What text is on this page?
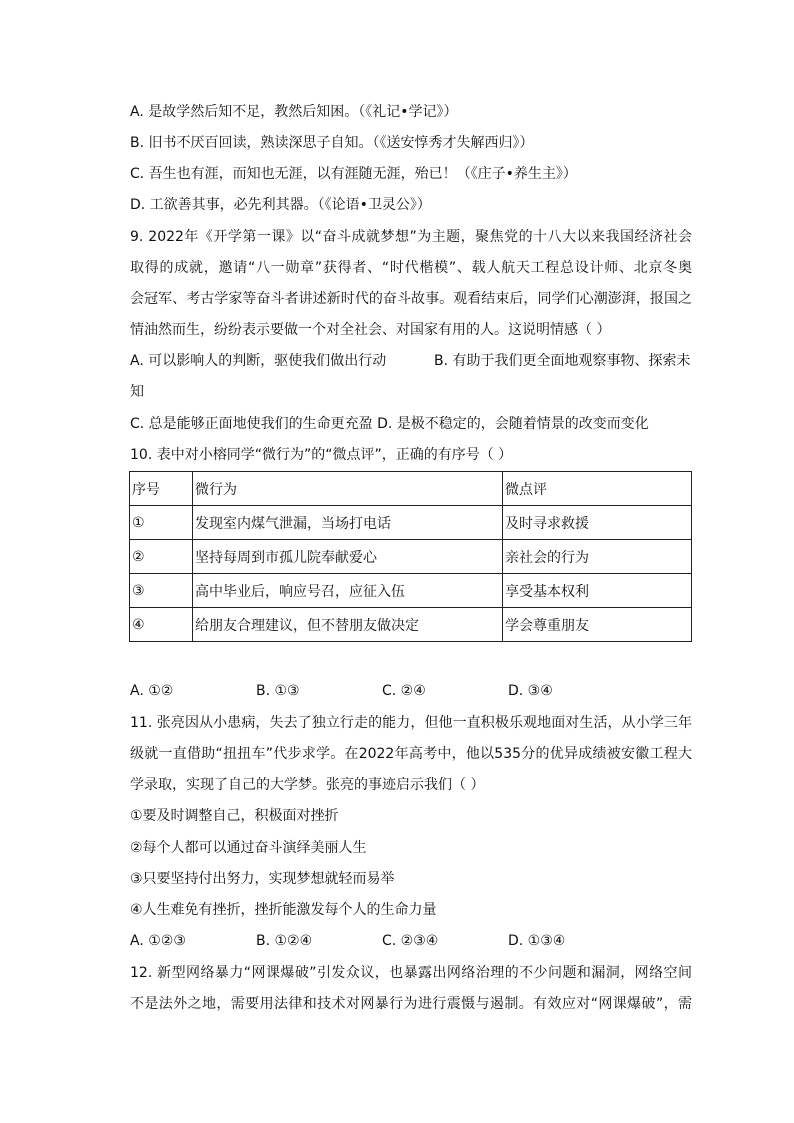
A. 是故学然后知不足，教然后知困。（《礼记•学记》）
B. 旧书不厌百回读，熟读深思子自知。（《送安惇秀才失解西归》）
C. 吾生也有涯，而知也无涯，以有涯随无涯，殆已！（《庄子•养生主》）
D. 工欲善其事，必先利其器。（《论语•卫灵公》）
9. 2022年《开学第一课》以“奋斗成就梦想”为主题，聚焦党的十八大以来我国经济社会
取得的成就，邀请“八一勋章”获得者、“时代楷模”、载人航天工程总设计师、北京冬奥
会冠军、考古学家等奋斗者讲述新时代的奋斗故事。观看结束后，同学们心潮澎湃，报国之
情油然而生，纷纷表示要做一个对全社会、对国家有用的人。这说明情感（ ）
A. 可以影响人的判断，驱使我们做出行动	B. 有助于我们更全面地观察事物、探索未
知
C. 总是能够正面地使我们的生命更充盈 D. 是极不稳定的，会随着情景的改变而变化
10. 表中对小榕同学“微行为”的“微点评”，正确的有序号（ ）
序号	微行为	微点评
①	发现室内煤气泄漏，当场打电话	及时寻求救援
②	坚持每周到市孤儿院奉献爱心	亲社会的行为
③	高中毕业后，响应号召，应征入伍	享受基本权利
④	给朋友合理建议，但不替朋友做决定	学会尊重朋友
A. ①②	B. ①③	C. ②④	D. ③④
11. 张亮因从小患病，失去了独立行走的能力，但他一直积极乐观地面对生活，从小学三年
级就一直借助“扭扭车”代步求学。在2022年高考中，他以535分的优异成绩被安徽工程大
学录取，实现了自己的大学梦。张亮的事迹启示我们（ ）
①要及时调整自己，积极面对挫折
②每个人都可以通过奋斗演绎美丽人生
③只要坚持付出努力，实现梦想就轻而易举
④人生难免有挫折，挫折能激发每个人的生命力量
A. ①②③	B. ①②④	C. ②③④	D. ①③④
12. 新型网络暴力“网课爆破”引发众议，也暴露出网络治理的不少问题和漏洞，网络空间
不是法外之地，需要用法律和技术对网暴行为进行震慑与遏制。有效应对“网课爆破”，需
